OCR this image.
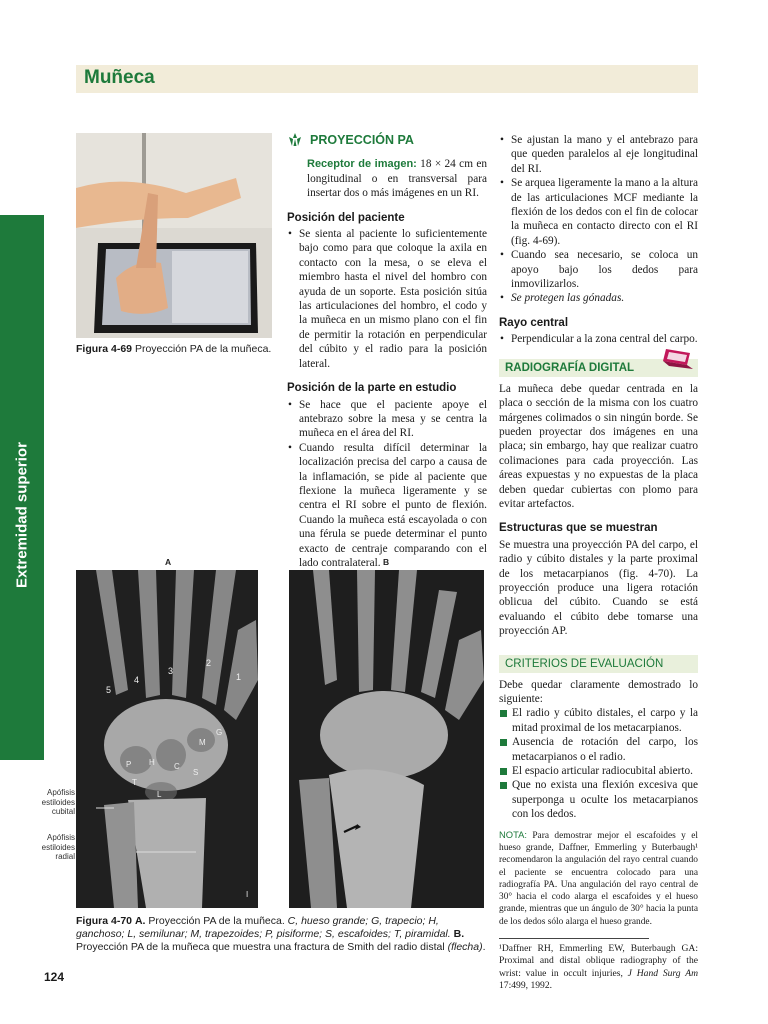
Muñeca
Extremidad superior
Figura 4-69 Proyección PA de la muñeca.
PROYECCIÓN PA

Receptor de imagen: 18 × 24 cm en longitudinal o en transversal para insertar dos o más imágenes en un RI.

Posición del paciente
• Se sienta al paciente lo suficientemente bajo como para que coloque la axila en contacto con la mesa, o se eleva el miembro hasta el nivel del hombro con ayuda de un soporte. Esta posición sitúa las articulaciones del hombro, el codo y la muñeca en un mismo plano con el fin de permitir la rotación en perpendicular del cúbito y el radio para la posición lateral.
Posición de la parte en estudio
• Se hace que el paciente apoye el antebrazo sobre la mesa y se centra la muñeca en el área del RI.
• Cuando resulta difícil determinar la localización precisa del carpo a causa de la inflamación, se pide al paciente que flexione la muñeca ligeramente y se centra el RI sobre el punto de flexión. Cuando la muñeca está escayolada o con una férula se puede determinar el punto exacto de centraje comparando con el lado contralateral.
• Se ajustan la mano y el antebrazo para que queden paralelos al eje longitudinal del RI.
• Se arquea ligeramente la mano a la altura de las articulaciones MCF mediante la flexión de los dedos con el fin de colocar la muñeca en contacto directo con el RI (fig. 4-69).
• Cuando sea necesario, se coloca un apoyo bajo los dedos para inmovilizarlos.
• Se protegen las gónadas.
Rayo central
• Perpendicular a la zona central del carpo.
RADIOGRAFÍA DIGITAL

La muñeca debe quedar centrada en la placa o sección de la misma con los cuatro márgenes colimados o sin ningún borde. Se pueden proyectar dos imágenes en una placa; sin embargo, hay que realizar cuatro colimaciones para cada proyección. Las áreas expuestas y no expuestas de la placa deben quedar cubiertas con plomo para evitar artefactos.

Estructuras que se muestran

Se muestra una proyección PA del carpo, el radio y cúbito distales y la parte proximal de los metacarpianos (fig. 4-70). La proyección produce una ligera rotación oblicua del cúbito. Cuando se está evaluando el cúbito debe tomarse una proyección AP.

CRITERIOS DE EVALUACIÓN

Debe quedar claramente demostrado lo siguiente:

El radio y cúbito distales, el carpo y la mitad proximal de los metacarpianos.
Ausencia de rotación del carpo, los metacarpianos o el radio.
El espacio articular radiocubital abierto.
Que no exista una flexión excesiva que superponga u oculte los metacarpianos con los dedos.

NOTA: Para demostrar mejor el escafoides y el hueso grande, Daffner, Emmerling y Buterbaugh¹ recomendaron la angulación del rayo central cuando el paciente se encuentra colocado para una radiografía PA. Una angulación del rayo central de 30° hacia el codo alarga el escafoides y el hueso grande, mientras que un ángulo de 30° hacia la punta de los dedos sólo alarga el hueso grande.

¹Daffner RH, Emmerling EW, Buterbaugh GA: Proximal and distal oblique radiography of the wrist: value in occult injuries, J Hand Surg Am 17:499, 1992.

A	B
2
3
4
5
1
M
G
P H C
S
T
L
I
Apófisis estiloides cubital
Apófisis estiloides radial
Figura 4-70 A. Proyección PA de la muñeca. C, hueso grande; G, trapecio; H, ganchoso; L, semilunar; M, trapezoides; P, pisiforme; S, escafoides; T, piramidal. B. Proyección PA de la muñeca que muestra una fractura de Smith del radio distal (flecha).
124
